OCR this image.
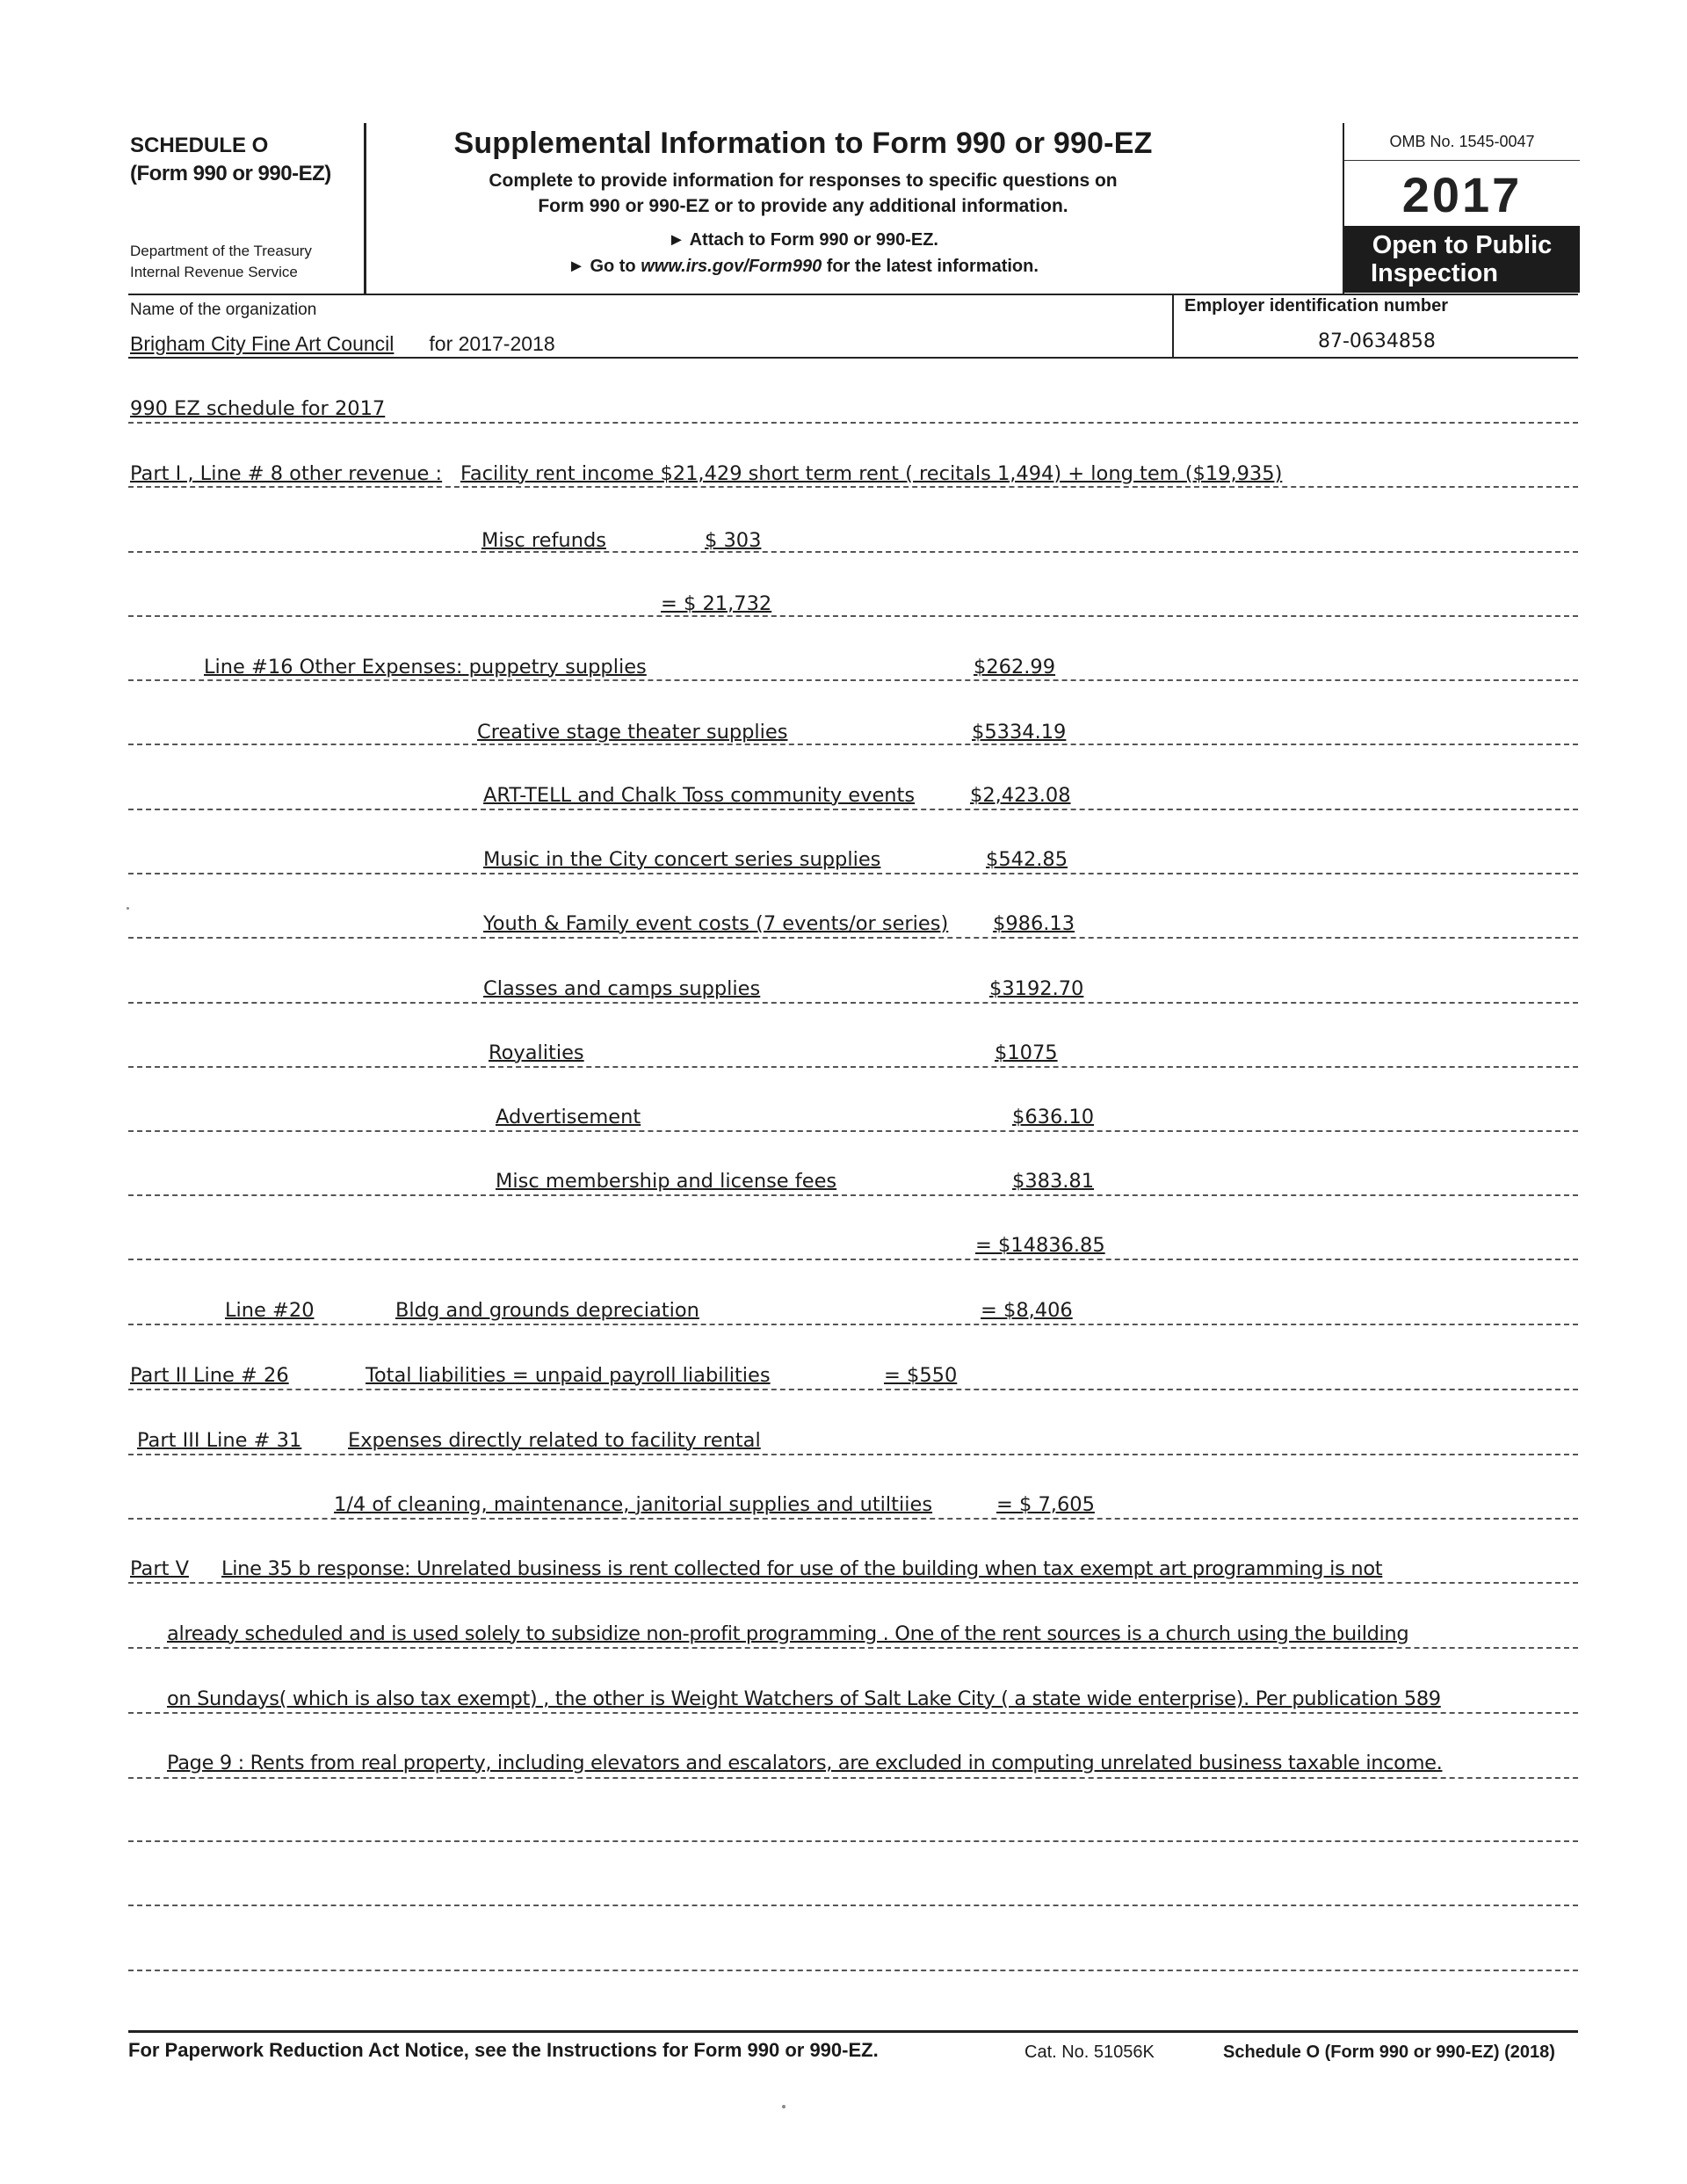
SCHEDULE O
(Form 990 or 990-EZ)
Department of the Treasury
Internal Revenue Service
Supplemental Information to Form 990 or 990-EZ
Complete to provide information for responses to specific questions on
Form 990 or 990-EZ or to provide any additional information.
► Attach to Form 990 or 990-EZ.
► Go to www.irs.gov/Form990 for the latest information.
OMB No. 1545-0047
2017
Open to Public
Inspection
Name of the organization	Employer identification number
Brigham City Fine Art Council for 2017-2018	87-0634858
990 EZ schedule for 2017
Part I , Line # 8 other revenue : Facility rent income $21,429 short term rent ( recitals 1,494) + long tem ($19,935)
Misc refunds	$ 303
= $ 21,732
Line #16 Other Expenses: puppetry supplies	$262.99
Creative stage theater supplies	$5334.19
ART-TELL and Chalk Toss community events	$2,423.08
Music in the City concert series supplies	$542.85
Youth & Family event costs (7 events/or series) $986.13
Classes and camps supplies	$3192.70
Royalities	$1075
Advertisement	$636.10
Misc membership and license fees	$383.81
= $14836.85
Line #20	Bldg and grounds depreciation	= $8,406
Part II Line # 26	Total liabilities = unpaid payroll liabilities	= $550
Part III Line # 31 Expenses directly related to facility rental
1/4 of cleaning, maintenance, janitorial supplies and utiltiies	= $ 7,605
Part V Line 35 b response: Unrelated business is rent collected for use of the building when tax exempt art programming is not
already scheduled and is used solely to subsidize non-profit programming . One of the rent sources is a church using the building
on Sundays( which is also tax exempt) , the other is Weight Watchers of Salt Lake City ( a state wide enterprise). Per publication 589
Page 9 : Rents from real property, including elevators and escalators, are excluded in computing unrelated business taxable income.
For Paperwork Reduction Act Notice, see the Instructions for Form 990 or 990-EZ.	Cat. No. 51056K	Schedule O (Form 990 or 990-EZ) (2018)
